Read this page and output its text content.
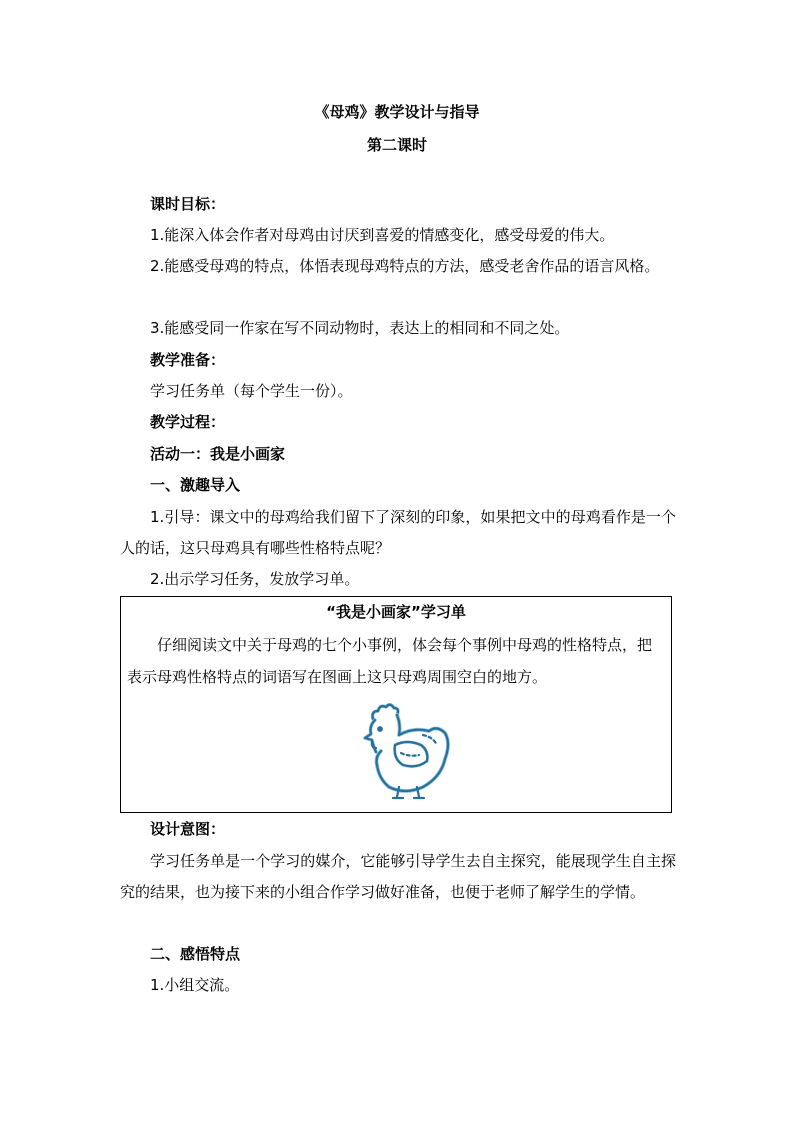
《母鸡》教学设计与指导

第二课时

课时目标：

1.能深入体会作者对母鸡由讨厌到喜爱的情感变化，感受母爱的伟大。

2.能感受母鸡的特点，体悟表现母鸡特点的方法，感受老舍作品的语言风格。

3.能感受同一作家在写不同动物时，表达上的相同和不同之处。

教学准备：

学习任务单（每个学生一份）。

教学过程：

活动一：我是小画家

一、激趣导入

1.引导：课文中的母鸡给我们留下了深刻的印象，如果把文中的母鸡看作是一个人的话，这只母鸡具有哪些性格特点呢？

2.出示学习任务，发放学习单。

“我是小画家”学习单

仔细阅读文中关于母鸡的七个小事例，体会每个事例中母鸡的性格特点，把表示母鸡性格特点的词语写在图画上这只母鸡周围空白的地方。

设计意图：

学习任务单是一个学习的媒介，它能够引导学生去自主探究，能展现学生自主探究的结果，也为接下来的小组合作学习做好准备，也便于老师了解学生的学情。

二、感悟特点

1.小组交流。
